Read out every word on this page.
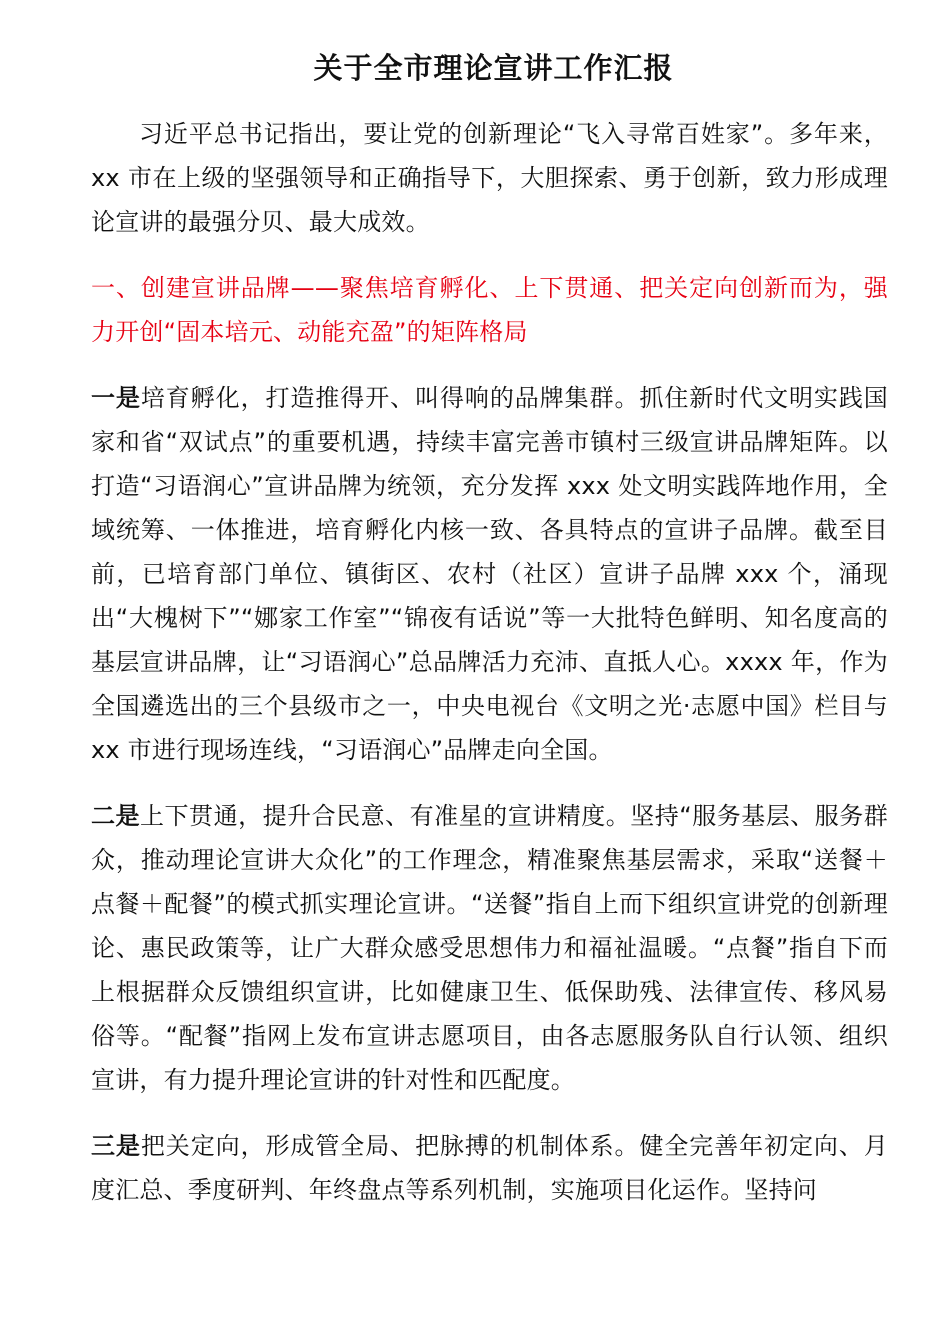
关于全市理论宣讲工作汇报

习近平总书记指出，要让党的创新理论“飞入寻常百姓家”。多年来，xx 市在上级的坚强领导和正确指导下，大胆探索、勇于创新，致力形成理论宣讲的最强分贝、最大成效。

一、创建宣讲品牌——聚焦培育孵化、上下贯通、把关定向创新而为，强力开创“固本培元、动能充盈”的矩阵格局

一是培育孵化，打造推得开、叫得响的品牌集群。抓住新时代文明实践国家和省“双试点”的重要机遇，持续丰富完善市镇村三级宣讲品牌矩阵。以打造“习语润心”宣讲品牌为统领，充分发挥 xxx 处文明实践阵地作用，全域统筹、一体推进，培育孵化内核一致、各具特点的宣讲子品牌。截至目前，已培育部门单位、镇街区、农村（社区）宣讲子品牌 xxx 个，涌现出“大槐树下”“娜家工作室”“锦夜有话说”等一大批特色鲜明、知名度高的基层宣讲品牌，让“习语润心”总品牌活力充沛、直抵人心。xxxx 年，作为全国遴选出的三个县级市之一，中央电视台《文明之光·志愿中国》栏目与 xx 市进行现场连线，“习语润心”品牌走向全国。

二是上下贯通，提升合民意、有准星的宣讲精度。坚持“服务基层、服务群众，推动理论宣讲大众化”的工作理念，精准聚焦基层需求，采取“送餐＋点餐＋配餐”的模式抓实理论宣讲。“送餐”指自上而下组织宣讲党的创新理论、惠民政策等，让广大群众感受思想伟力和福祉温暖。“点餐”指自下而上根据群众反馈组织宣讲，比如健康卫生、低保助残、法律宣传、移风易俗等。“配餐”指网上发布宣讲志愿项目，由各志愿服务队自行认领、组织宣讲，有力提升理论宣讲的针对性和匹配度。

三是把关定向，形成管全局、把脉搏的机制体系。健全完善年初定向、月度汇总、季度研判、年终盘点等系列机制，实施项目化运作。坚持问
